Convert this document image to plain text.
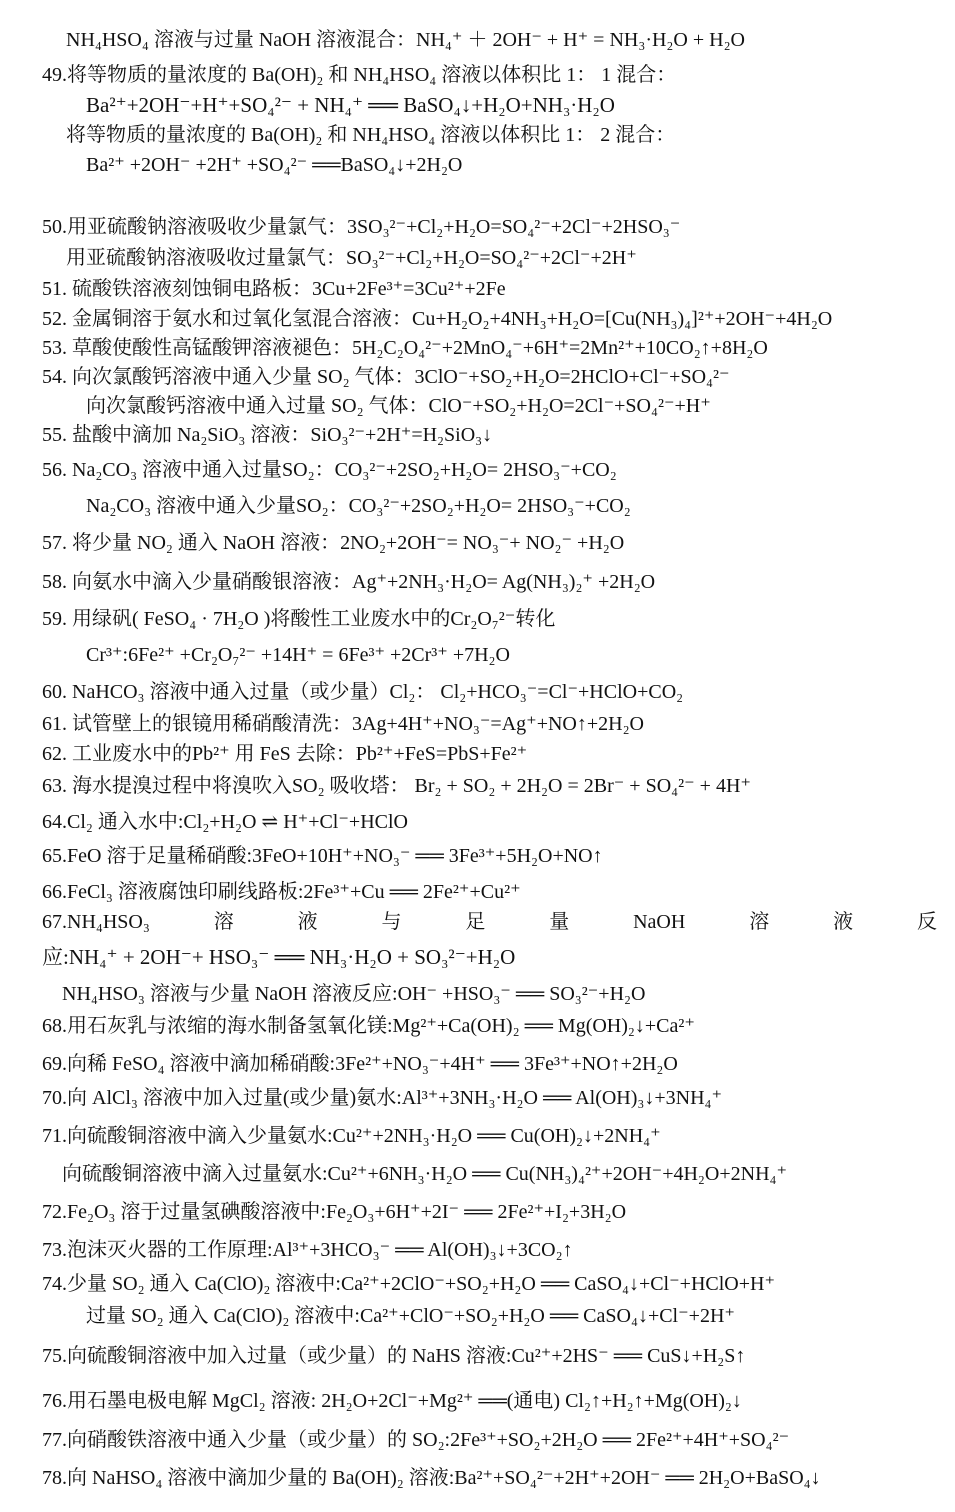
NH₄HSO₄ 溶液与过量 NaOH 溶液混合：NH₄⁺ ＋ 2OH⁻ + H⁺ = NH₃·H₂O + H₂O
49.将等物质的量浓度的 Ba(OH)₂ 和 NH₄HSO₄ 溶液以体积比 1： 1 混合：
Ba²⁺+2OH⁻+H⁺+SO₄²⁻ + NH₄⁺ ══ BaSO₄↓+H₂O+NH₃·H₂O
将等物质的量浓度的 Ba(OH)₂ 和 NH₄HSO₄ 溶液以体积比 1： 2 混合：
Ba²⁺ +2OH⁻ +2H⁺ +SO₄²⁻ ══BaSO₄↓+2H₂O
50.用亚硫酸钠溶液吸收少量氯气：3SO₃²⁻+Cl₂+H₂O=SO₄²⁻+2Cl⁻+2HSO₃⁻
用亚硫酸钠溶液吸收过量氯气：SO₃²⁻+Cl₂+H₂O=SO₄²⁻+2Cl⁻+2H⁺
51. 硫酸铁溶液刻蚀铜电路板：3Cu+2Fe³⁺=3Cu²⁺+2Fe
52. 金属铜溶于氨水和过氧化氢混合溶液：Cu+H₂O₂+4NH₃+H₂O=[Cu(NH₃)₄]²⁺+2OH⁻+4H₂O
53. 草酸使酸性高锰酸钾溶液褪色：5H₂C₂O₄²⁻+2MnO₄⁻+6H⁺=2Mn²⁺+10CO₂↑+8H₂O
54. 向次氯酸钙溶液中通入少量 SO₂ 气体：3ClO⁻+SO₂+H₂O=2HClO+Cl⁻+SO₄²⁻
向次氯酸钙溶液中通入过量 SO₂ 气体：ClO⁻+SO₂+H₂O=2Cl⁻+SO₄²⁻+H⁺
55. 盐酸中滴加 Na₂SiO₃ 溶液：SiO₃²⁻+2H⁺=H₂SiO₃↓
56. Na₂CO₃ 溶液中通入过量SO₂：CO₃²⁻+2SO₂+H₂O= 2HSO₃⁻+CO₂
Na₂CO₃ 溶液中通入少量SO₂：CO₃²⁻+2SO₂+H₂O= 2HSO₃⁻+CO₂
57. 将少量 NO₂ 通入 NaOH 溶液：2NO₂+2OH⁻= NO₃⁻+ NO₂⁻ +H₂O
58. 向氨水中滴入少量硝酸银溶液：Ag⁺+2NH₃·H₂O= Ag(NH₃)₂⁺ +2H₂O
59. 用绿矾( FeSO₄ · 7H₂O )将酸性工业废水中的Cr₂O₇²⁻转化
Cr³⁺:6Fe²⁺ +Cr₂O₇²⁻ +14H⁺ = 6Fe³⁺ +2Cr³⁺ +7H₂O
60. NaHCO₃ 溶液中通入过量（或少量）Cl₂： Cl₂+HCO₃⁻=Cl⁻+HClO+CO₂
61. 试管壁上的银镜用稀硝酸清洗：3Ag+4H⁺+NO₃⁻=Ag⁺+NO↑+2H₂O
62. 工业废水中的Pb²⁺ 用 FeS 去除：Pb²⁺+FeS=PbS+Fe²⁺
63. 海水提溴过程中将溴吹入SO₂ 吸收塔： Br₂ + SO₂ + 2H₂O = 2Br⁻ + SO₄²⁻ + 4H⁺
64.Cl₂ 通入水中:Cl₂+H₂O ⇌ H⁺+Cl⁻+HClO
65.FeO 溶于足量稀硝酸:3FeO+10H⁺+NO₃⁻ ══ 3Fe³⁺+5H₂O+NO↑
66.FeCl₃ 溶液腐蚀印刷线路板:2Fe³⁺+Cu ══ 2Fe²⁺+Cu²⁺
67.NH₄HSO₃	溶	液	与	足	量	NaOH	溶	液	反
应:NH₄⁺ + 2OH⁻+ HSO₃⁻ ══ NH₃·H₂O + SO₃²⁻+H₂O
NH₄HSO₃ 溶液与少量 NaOH 溶液反应:OH⁻ +HSO₃⁻ ══ SO₃²⁻+H₂O
68.用石灰乳与浓缩的海水制备氢氧化镁:Mg²⁺+Ca(OH)₂ ══ Mg(OH)₂↓+Ca²⁺
69.向稀 FeSO₄ 溶液中滴加稀硝酸:3Fe²⁺+NO₃⁻+4H⁺ ══ 3Fe³⁺+NO↑+2H₂O
70.向 AlCl₃ 溶液中加入过量(或少量)氨水:Al³⁺+3NH₃·H₂O ══ Al(OH)₃↓+3NH₄⁺
71.向硫酸铜溶液中滴入少量氨水:Cu²⁺+2NH₃·H₂O ══ Cu(OH)₂↓+2NH₄⁺
向硫酸铜溶液中滴入过量氨水:Cu²⁺+6NH₃·H₂O ══ Cu(NH₃)₄²⁺+2OH⁻+4H₂O+2NH₄⁺
72.Fe₂O₃ 溶于过量氢碘酸溶液中:Fe₂O₃+6H⁺+2I⁻ ══ 2Fe²⁺+I₂+3H₂O
73.泡沫灭火器的工作原理:Al³⁺+3HCO₃⁻ ══ Al(OH)₃↓+3CO₂↑
74.少量 SO₂ 通入 Ca(ClO)₂ 溶液中:Ca²⁺+2ClO⁻+SO₂+H₂O ══ CaSO₄↓+Cl⁻+HClO+H⁺
过量 SO₂ 通入 Ca(ClO)₂ 溶液中:Ca²⁺+ClO⁻+SO₂+H₂O ══ CaSO₄↓+Cl⁻+2H⁺
75.向硫酸铜溶液中加入过量（或少量）的 NaHS 溶液:Cu²⁺+2HS⁻ ══ CuS↓+H₂S↑
76.用石墨电极电解 MgCl₂ 溶液: 2H₂O+2Cl⁻+Mg²⁺ ══(通电) Cl₂↑+H₂↑+Mg(OH)₂↓
77.向硝酸铁溶液中通入少量（或少量）的 SO₂:2Fe³⁺+SO₂+2H₂O ══ 2Fe²⁺+4H⁺+SO₄²⁻
78.向 NaHSO₄ 溶液中滴加少量的 Ba(OH)₂ 溶液:Ba²⁺+SO₄²⁻+2H⁺+2OH⁻ ══ 2H₂O+BaSO₄↓
